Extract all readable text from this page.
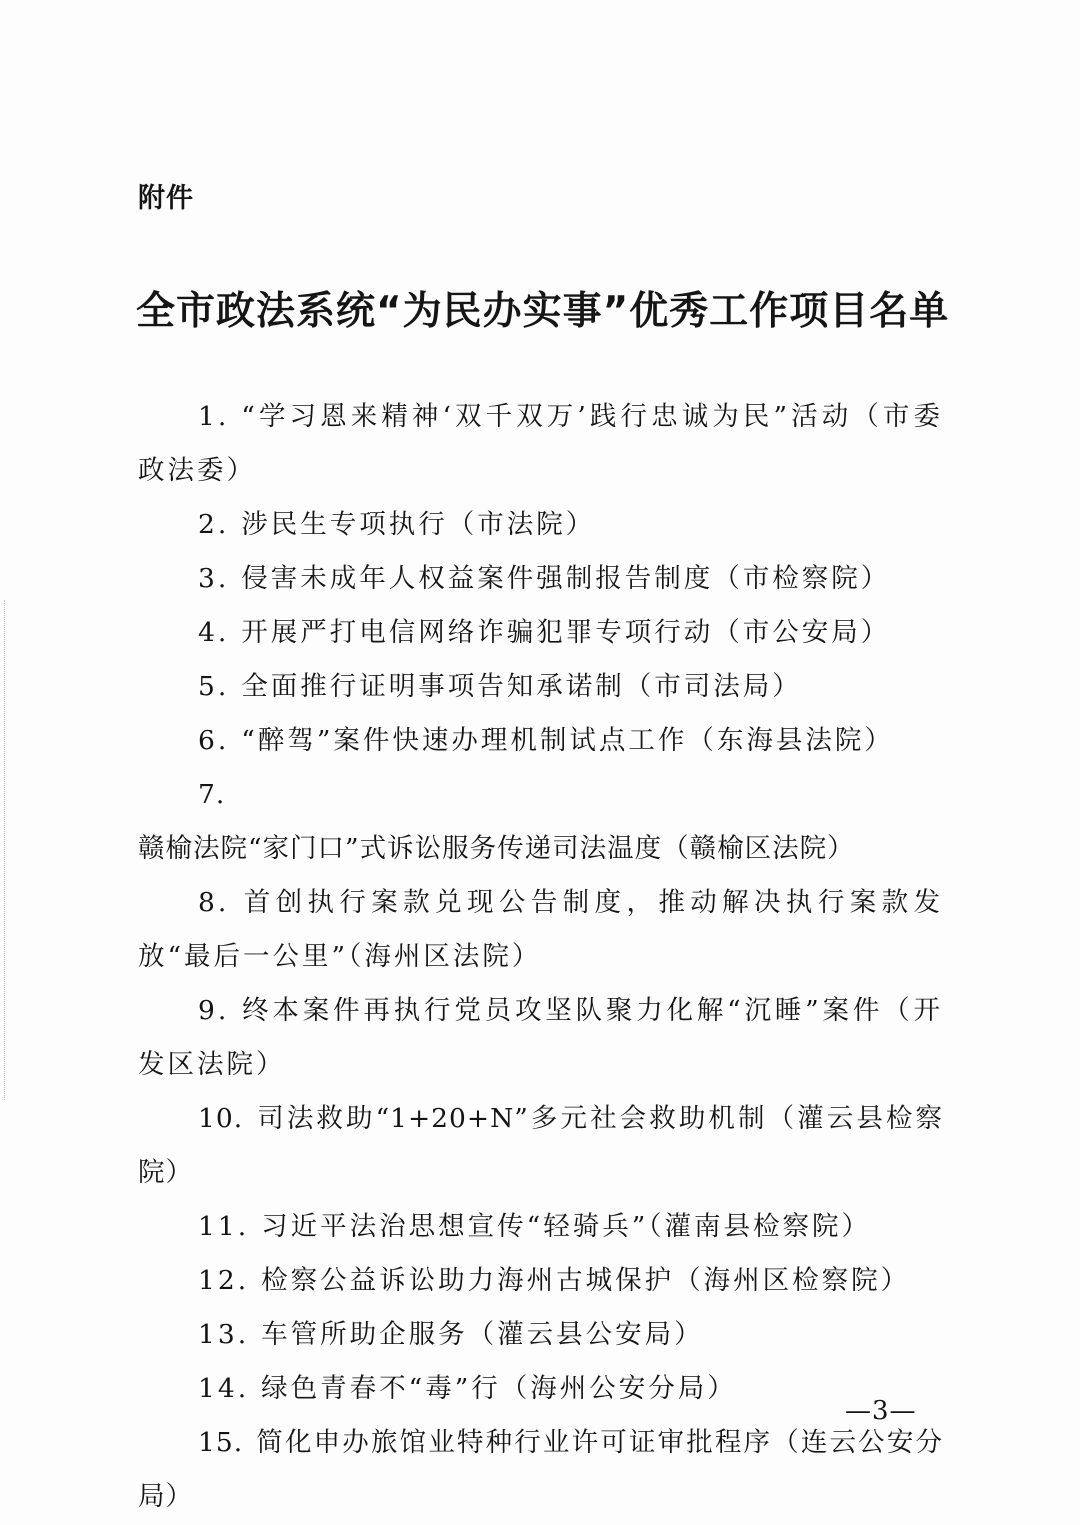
附件
全市政法系统“为民办实事”优秀工作项目名单
1. “学习恩来精神‘双千双万’践行忠诚为民”活动（市委政法委）
2. 涉民生专项执行（市法院）
3. 侵害未成年人权益案件强制报告制度（市检察院）
4. 开展严打电信网络诈骗犯罪专项行动（市公安局）
5. 全面推行证明事项告知承诺制（市司法局）
6. “醉驾”案件快速办理机制试点工作（东海县法院）
7.赣榆法院“家门口”式诉讼服务传递司法温度（赣榆区法院）
8. 首创执行案款兑现公告制度，推动解决执行案款发放“最后一公里”（海州区法院）
9. 终本案件再执行党员攻坚队聚力化解“沉睡”案件（开发区法院）
10. 司法救助“1+20+N”多元社会救助机制（灌云县检察院）
11. 习近平法治思想宣传“轻骑兵”（灌南县检察院）
12. 检察公益诉讼助力海州古城保护（海州区检察院）
13. 车管所助企服务（灌云县公安局）
14. 绿色青春不“毒”行（海州公安分局）
15. 简化申办旅馆业特种行业许可证审批程序（连云公安分局）
—3—
